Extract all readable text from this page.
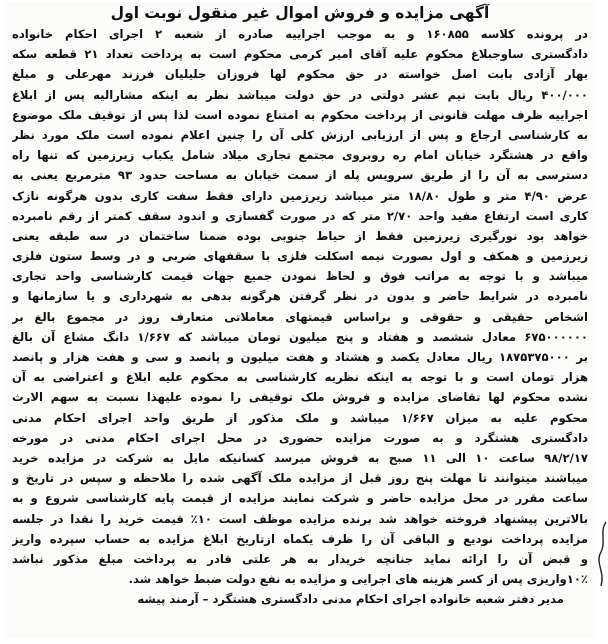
آگهی مزایده و فروش اموال غیر منقول نوبت اول
در پرونده کلاسه ۱۶۰۸۵۵ و به موجب اجراییه صادره از شعبه ۲ اجرای احکام خانواده
دادگستری ساوجبلاغ محکوم علیه آقای امیر کرمی محکوم است به پرداخت تعداد ۲۱ قطعه سکه
بهار آزادی بابت اصل خواسته در حق محکوم لها فروزان جلیلیان فرزند مهرعلی و مبلغ
۴۰۰/۰۰۰ ریال بابت نیم عشر دولتی در حق دولت میباشد نظر به اینکه مشارالیه پس از ابلاغ
اجراییه ظرف مهلت قانونی از پرداخت محکوم به امتناع نموده است لذا پس از توقیف ملک موضوع
به کارشناسی ارجاع و پس از ارزیابی ارزش کلی آن را چنین اعلام نموده است ملک مورد نظر
واقع در هشتگرد خیابان امام ره روبروی مجتمع تجاری میلاد شامل یکباب زیرزمین که تنها راه
دسترسی به آن را از طریق سرویس پله از سمت خیابان به مساحت حدود ۹۳ مترمربع یعنی به
عرض ۴/۹۰ متر و طول ۱۸/۸۰ متر میباشد زیرزمین دارای فقط سفت کاری بدون هرگونه نازک
کاری است ارتفاع مفید واحد ۲/۷۰ متر که در صورت گفسازی و اندود سقف کمتر از رقم نامبرده
خواهد بود نورگیری زیرزمین فقط از حیاط جنوبی بوده ضمنا ساختمان در سه طبقه یعنی
زیرزمین و همکف و اول بصورت نیمه اسکلت فلزی با سقفهای ضربی و در وسط ستون فلزی
میباشد و با توجه به مراتب فوق و لحاظ نمودن جمیع جهات قیمت کارشناسی واحد تجاری
نامبرده در شرایط حاضر و بدون در نظر گرفتن هرگونه بدهی به شهرداری و یا سازمانها و
اشخاص حقیقی و حقوقی و براساس قیمتهای معاملاتی متعارف روز در مجموع بالغ بر
۶۷۵۰۰۰۰۰۰ معادل ششصد و هفتاد و پنج میلیون تومان میباشد که ۱/۶۶۷ دانگ مشاع آن بالغ
بر ۱۸۷۵۳۷۵۰۰۰ ریال معادل یکصد و هشتاد و هفت میلیون و پانصد و سی و هفت هزار و پانصد
هزار تومان است و با توجه به اینکه نظریه کارشناسی به محکوم علیه ابلاغ و اعتراضی به آن
نشده محکوم لها تقاضای مزایده و فروش ملک توقیفی را نموده علیهذا نسبت به سهم الارث
محکوم علیه به میزان ۱/۶۶۷ میباشد و ملک مذکور از طریق واحد اجرای احکام مدنی
دادگستری هشتگرد و به صورت مزایده حضوری در محل اجرای احکام مدنی در مورخه
۹۸/۲/۱۷ ساعت ۱۰ الی ۱۱ صبح به فروش میرسد کسانیکه مایل به شرکت در مزایده خرید
میباشند میتوانند تا مهلت پنج روز قبل از مزایده ملک آگهی شده را ملاحظه و سپس در تاریخ و
ساعت مقرر در محل مزایده حاضر و شرکت نمایند مزایده از قیمت پایه کارشناسی شروع و به
بالاترین پیشنهاد فروخته خواهد شد برنده مزایده موظف است ۱۰٪ قیمت خرید را نقدا در جلسه
مزایده پرداخت نودیع و الباقی آن را ظرف یکماه ازتاریخ ابلاغ مزایده به حساب سپرده واریز
و قبض آن را ارائه نماید جنانچه خریدار به هر علتی قادر به پرداخت مبلغ مذکور نباشد
۱۰٪واریزی پس از کسر هزینه های اجرایی و مزایده به نفع دولت ضبط خواهد شد.
مدیر دفتر شعبه خانواده اجرای احکام مدنی دادگستری هشتگرد – آرمند پیشه
